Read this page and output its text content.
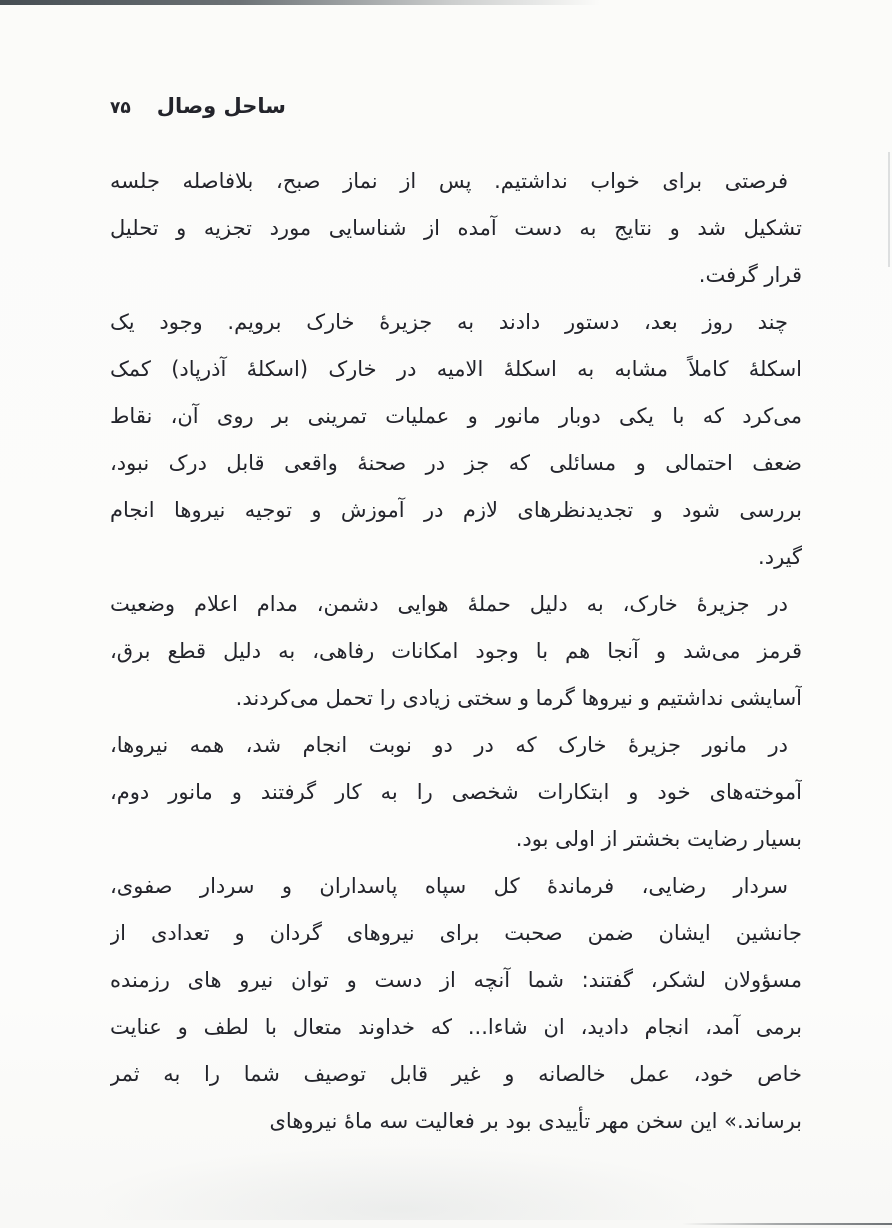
ساحل وصال
۷۵
فرصتی برای خواب نداشتیم. پس از نماز صبح، بلافاصله جلسه
تشکیل شد و نتایج به دست آمده از شناسایی مورد تجزیه و تحلیل
قرار گرفت.
چند روز بعد، دستور دادند به جزیرهٔ خارک برویم. وجود یک
اسکلهٔ کاملاً مشابه به اسکلهٔ الامیه در خارک (اسکلهٔ آذرپاد) کمک
می‌کرد که با یکی دوبار مانور و عملیات تمرینی بر روی آن، نقاط
ضعف احتمالی و مسائلی که جز در صحنهٔ واقعی قابل درک نبود،
بررسی شود و تجدیدنظرهای لازم در آموزش و توجیه نیروها انجام
گیرد.
در جزیرهٔ خارک، به دلیل حملهٔ هوایی دشمن، مدام اعلام وضعیت
قرمز می‌شد و آنجا هم با وجود امکانات رفاهی، به دلیل قطع برق،
آسایشی نداشتیم و نیروها گرما و سختی زیادی را تحمل می‌کردند.
در مانور جزیرهٔ خارک که در دو نوبت انجام شد، همه نیروها،
آموخته‌های خود و ابتکارات شخصی را به کار گرفتند و مانور دوم،
بسیار رضایت بخشتر از اولی بود.
سردار رضایی، فرماندهٔ کل سپاه پاسداران و سردار صفوی،
جانشین ایشان ضمن صحبت برای نیروهای گردان و تعدادی از
مسؤولان لشکر، گفتند: شما آنچه از دست و توان نیرو های رزمنده
برمی آمد، انجام دادید، ان شاءا... که خداوند متعال با لطف و عنایت
خاص خود، عمل خالصانه و غیر قابل توصیف شما را به ثمر
برساند.» این سخن مهر تأییدی بود بر فعالیت سه ماهٔ نیروهای
